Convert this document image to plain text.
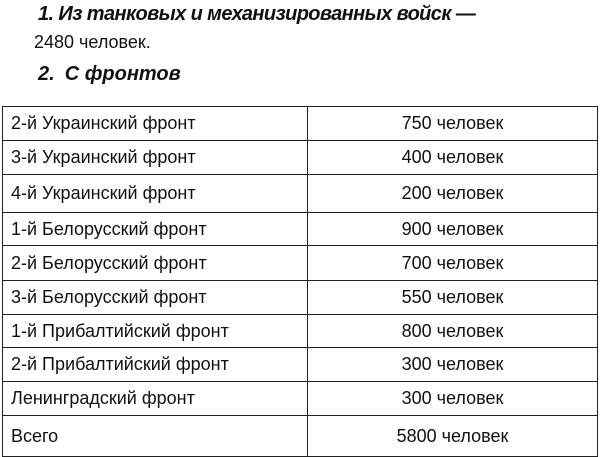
1. Из танковых и механизированных войск —
2480 человек.
2. С фронтов
2-й Украинский фронт	750 человек
3-й Украинский фронт	400 человек
4-й Украинский фронт	200 человек
1-й Белорусский фронт	900 человек
2-й Белорусский фронт	700 человек
3-й Белорусский фронт	550 человек
1-й Прибалтийский фронт	800 человек
2-й Прибалтийский фронт	300 человек
Ленинградский фронт	300 человек
Всего	5800 человек
